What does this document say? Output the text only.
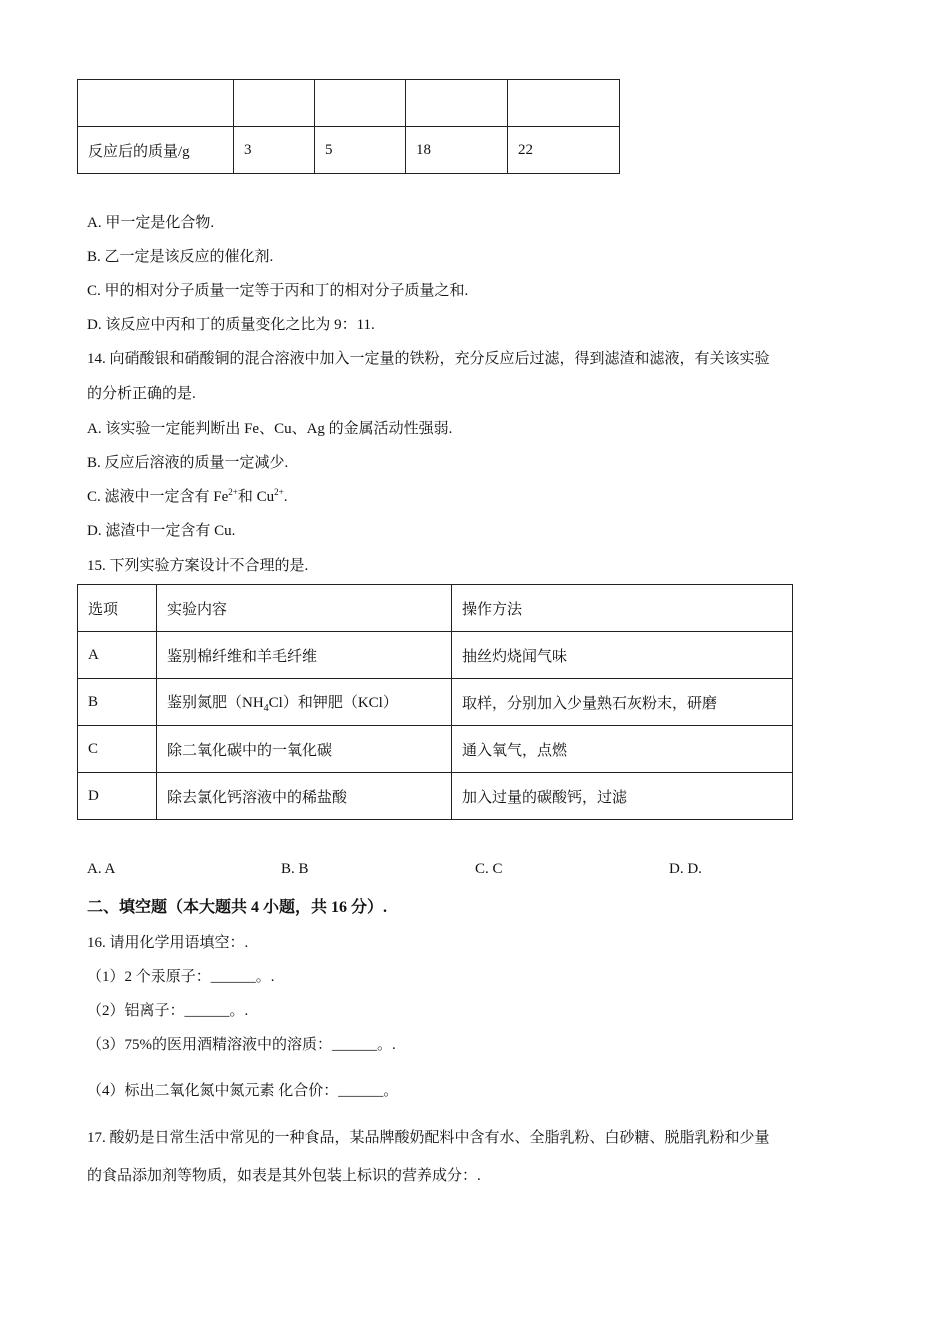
反应后的质量/g	3	5	18	22
A. 甲一定是化合物.
B. 乙一定是该反应的催化剂.
C. 甲的相对分子质量一定等于丙和丁的相对分子质量之和.
D. 该反应中丙和丁的质量变化之比为 9：11.
14. 向硝酸银和硝酸铜的混合溶液中加入一定量的铁粉，充分反应后过滤，得到滤渣和滤液，有关该实验
的分析正确的是.
A. 该实验一定能判断出 Fe、Cu、Ag 的金属活动性强弱.
B. 反应后溶液的质量一定减少.
C. 滤液中一定含有 $Fe^{2+}$和 $Cu^{2+}$.
D. 滤渣中一定含有 Cu.
15. 下列实验方案设计不合理的是.
选项	实验内容	操作方法
A	鉴别棉纤维和羊毛纤维	抽丝灼烧闻气味
B	鉴别氮肥$(NH_4Cl)$和钾肥（KCl）	取样，分别加入少量熟石灰粉末，研磨
C	除二氧化碳中的一氧化碳	通入氧气，点燃
D	除去氯化钙溶液中的稀盐酸	加入过量的碳酸钙，过滤
A. A	B. B	C. C	D. D.
二、填空题（本大题共 4 小题，共 16 分）.
16. 请用化学用语填空：.
（1）2 个汞原子：______。.
（2）铝离子：______。.
（3）75%的医用酒精溶液中的溶质：______。.
（4）标出二氧化氮中氮元素 化合价：______。
17. 酸奶是日常生活中常见的一种食品，某品牌酸奶配料中含有水、全脂乳粉、白砂糖、脱脂乳粉和少量
的食品添加剂等物质，如表是其外包装上标识的营养成分：.
